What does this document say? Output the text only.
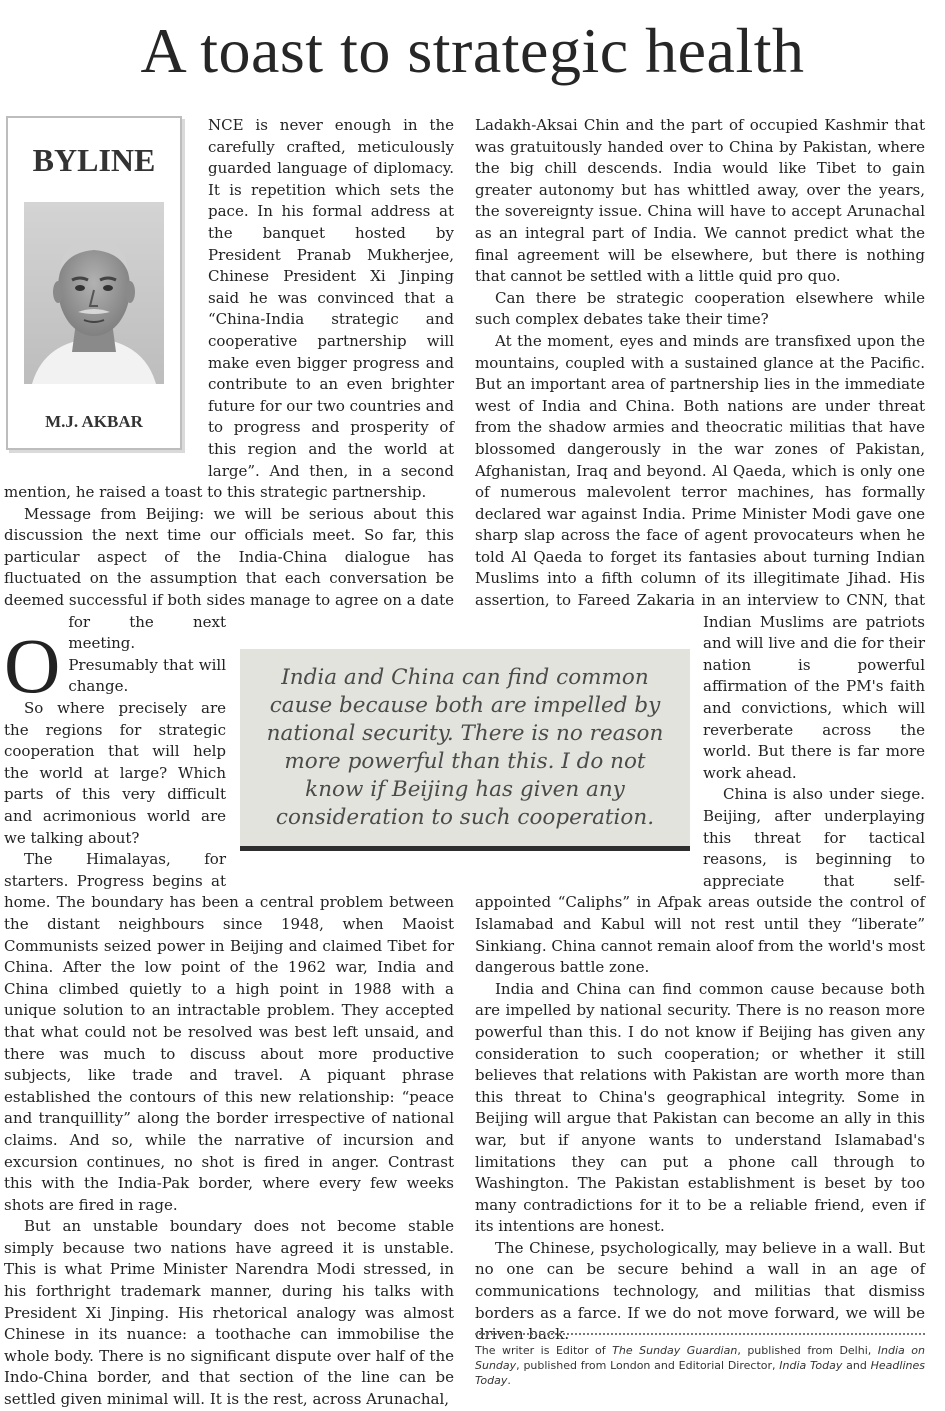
A toast to strategic health
BYLINE
M.J. AKBAR

O
NCE is never enough in the carefully crafted, meticulously guarded language of diplomacy. It is repetition which sets the pace. In his formal address at the banquet hosted by President Pranab Mukherjee, Chinese President Xi Jinping said he was convinced that a “China-India strategic and cooperative partnership will make even bigger progress and contribute to an even brighter future for our two countries and to progress and prosperity of this region and the world at large”. And then, in a second mention, he raised a toast to this strategic partnership.

Message from Beijing: we will be serious about this discussion the next time our officials meet. So far, this particular aspect of the India-China dialogue has fluctuated on the assumption that each conversation be deemed successful if both sides manage to agree on a date for the next meeting. Presumably that will change.

So where precisely are the regions for strategic cooperation that will help the world at large? Which parts of this very difficult and acrimonious world are we talking about?

The Himalayas, for starters. Progress begins at home. The boundary has been a central problem between the distant neighbours since 1948, when Maoist Communists seized power in Beijing and claimed Tibet for China. After the low point of the 1962 war, India and China climbed quietly to a high point in 1988 with a unique solution to an intractable problem. They accepted that what could not be resolved was best left unsaid, and there was much to discuss about more productive subjects, like trade and travel. A piquant phrase established the contours of this new relationship: “peace and tranquillity” along the border irrespective of national claims. And so, while the narrative of incursion and excursion continues, no shot is fired in anger. Contrast this with the India-Pak border, where every few weeks shots are fired in rage.

But an unstable boundary does not become stable simply because two nations have agreed it is unstable. This is what Prime Minister Narendra Modi stressed, in his forthright trademark manner, during his talks with President Xi Jinping. His rhetorical analogy was almost Chinese in its nuance: a toothache can immobilise the whole body. There is no significant dispute over half of the Indo-China border, and that section of the line can be settled given minimal will. It is the rest, across Arunachal,

Ladakh-Aksai Chin and the part of occupied Kashmir that was gratuitously handed over to China by Pakistan, where the big chill descends. India would like Tibet to gain greater autonomy but has whittled away, over the years, the sovereignty issue. China will have to accept Arunachal as an integral part of India. We cannot predict what the final agreement will be elsewhere, but there is nothing that cannot be settled with a little quid pro quo.

Can there be strategic cooperation elsewhere while such complex debates take their time?

At the moment, eyes and minds are transfixed upon the mountains, coupled with a sustained glance at the Pacific. But an important area of partnership lies in the immediate west of India and China. Both nations are under threat from the shadow armies and theocratic militias that have blossomed dangerously in the war zones of Pakistan, Afghanistan, Iraq and beyond. Al Qaeda, which is only one of numerous malevolent terror machines, has formally declared war against India. Prime Minister Modi gave one sharp slap across the face of agent provocateurs when he told Al Qaeda to forget its fantasies about turning Indian Muslims into a fifth column of its illegitimate Jihad. His assertion, to Fareed Zakaria in an interview to CNN, that Indian Muslims are patriots and will live and die for their nation is powerful affirmation of the PM's faith and convictions, which will reverberate across the world. But there is far more work ahead.

China is also under siege. Beijing, after underplaying this threat for tactical reasons, is beginning to appreciate that self-appointed “Caliphs” in Afpak areas outside the control of Islamabad and Kabul will not rest until they “liberate” Sinkiang. China cannot remain aloof from the world's most dangerous battle zone.

India and China can find common cause because both are impelled by national security. There is no reason more powerful than this. I do not know if Beijing has given any consideration to such cooperation; or whether it still believes that relations with Pakistan are worth more than this threat to China's geographical integrity. Some in Beijing will argue that Pakistan can become an ally in this war, but if anyone wants to understand Islamabad's limitations they can put a phone call through to Washington. The Pakistan establishment is beset by too many contradictions for it to be a reliable friend, even if its intentions are honest.

The Chinese, psychologically, may believe in a wall. But no one can be secure behind a wall in an age of communications technology, and militias that dismiss borders as a farce. If we do not move forward, we will be driven back.

India and China can find common cause because both are impelled by national security. There is no reason more powerful than this. I do not know if Beijing has given any consideration to such cooperation.

The writer is Editor of The Sunday Guardian, published from Delhi, India on Sunday, published from London and Editorial Director, India Today and Headlines Today.
